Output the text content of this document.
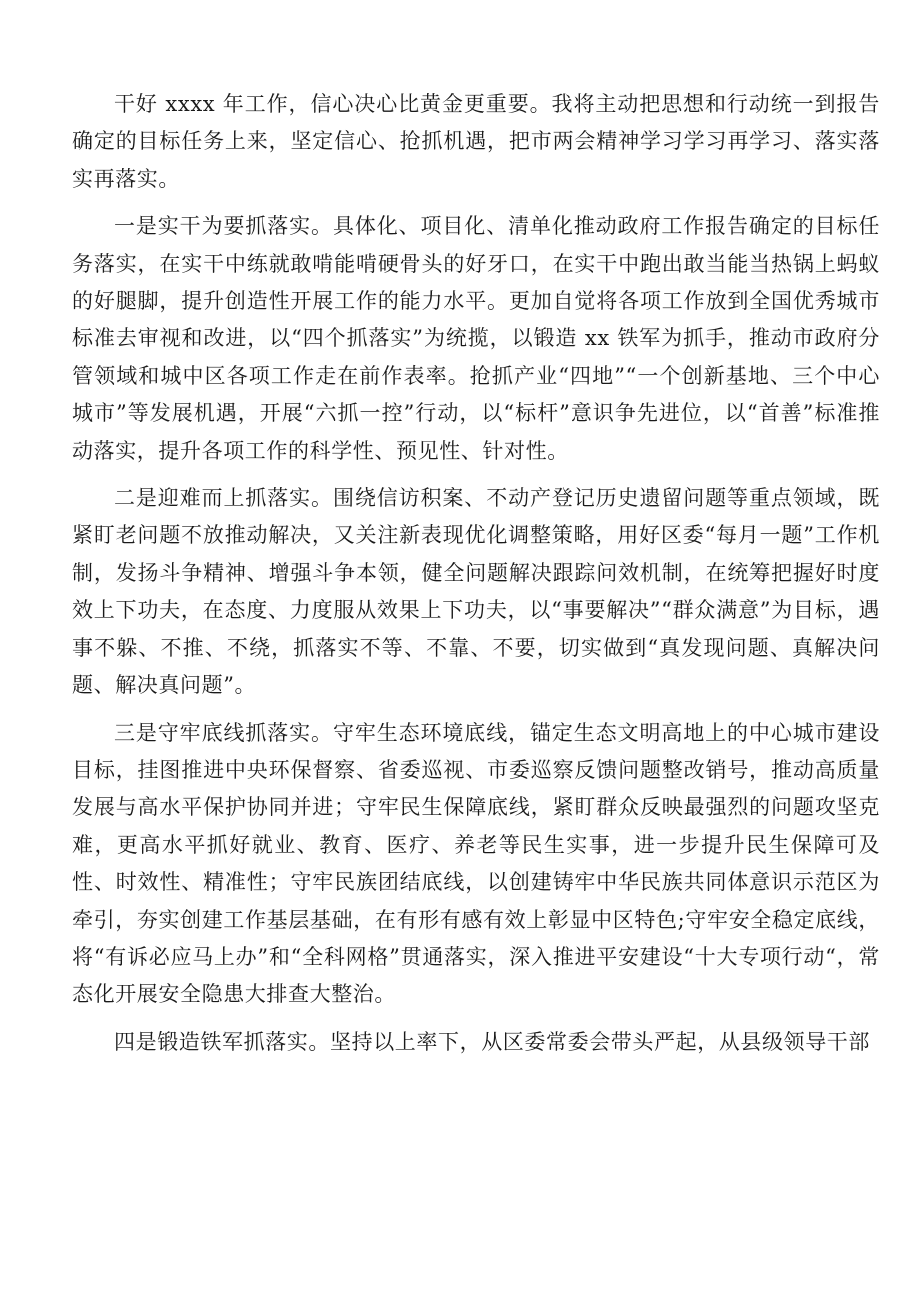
干好 xxxx 年工作，信心决心比黄金更重要。我将主动把思想和行动统一到报告确定的目标任务上来，坚定信心、抢抓机遇，把市两会精神学习学习再学习、落实落实再落实。

一是实干为要抓落实。具体化、项目化、清单化推动政府工作报告确定的目标任务落实，在实干中练就敢啃能啃硬骨头的好牙口，在实干中跑出敢当能当热锅上蚂蚁的好腿脚，提升创造性开展工作的能力水平。更加自觉将各项工作放到全国优秀城市标准去审视和改进，以“四个抓落实”为统揽，以锻造 xx 铁军为抓手，推动市政府分管领域和城中区各项工作走在前作表率。抢抓产业“四地”“一个创新基地、三个中心城市”等发展机遇，开展“六抓一控”行动，以“标杆”意识争先进位，以“首善”标准推动落实，提升各项工作的科学性、预见性、针对性。

二是迎难而上抓落实。围绕信访积案、不动产登记历史遗留问题等重点领域，既紧盯老问题不放推动解决，又关注新表现优化调整策略，用好区委“每月一题”工作机制，发扬斗争精神、增强斗争本领，健全问题解决跟踪问效机制，在统筹把握好时度效上下功夫，在态度、力度服从效果上下功夫，以“事要解决”“群众满意”为目标，遇事不躲、不推、不绕，抓落实不等、不靠、不要，切实做到“真发现问题、真解决问题、解决真问题”。

三是守牢底线抓落实。守牢生态环境底线，锚定生态文明高地上的中心城市建设目标，挂图推进中央环保督察、省委巡视、市委巡察反馈问题整改销号，推动高质量发展与高水平保护协同并进；守牢民生保障底线，紧盯群众反映最强烈的问题攻坚克难，更高水平抓好就业、教育、医疗、养老等民生实事，进一步提升民生保障可及性、时效性、精准性；守牢民族团结底线，以创建铸牢中华民族共同体意识示范区为牵引，夯实创建工作基层基础，在有形有感有效上彰显中区特色;守牢安全稳定底线，将“有诉必应马上办”和“全科网格”贯通落实，深入推进平安建设“十大专项行动“，常态化开展安全隐患大排查大整治。

四是锻造铁军抓落实。坚持以上率下，从区委常委会带头严起，从县级领导干部
